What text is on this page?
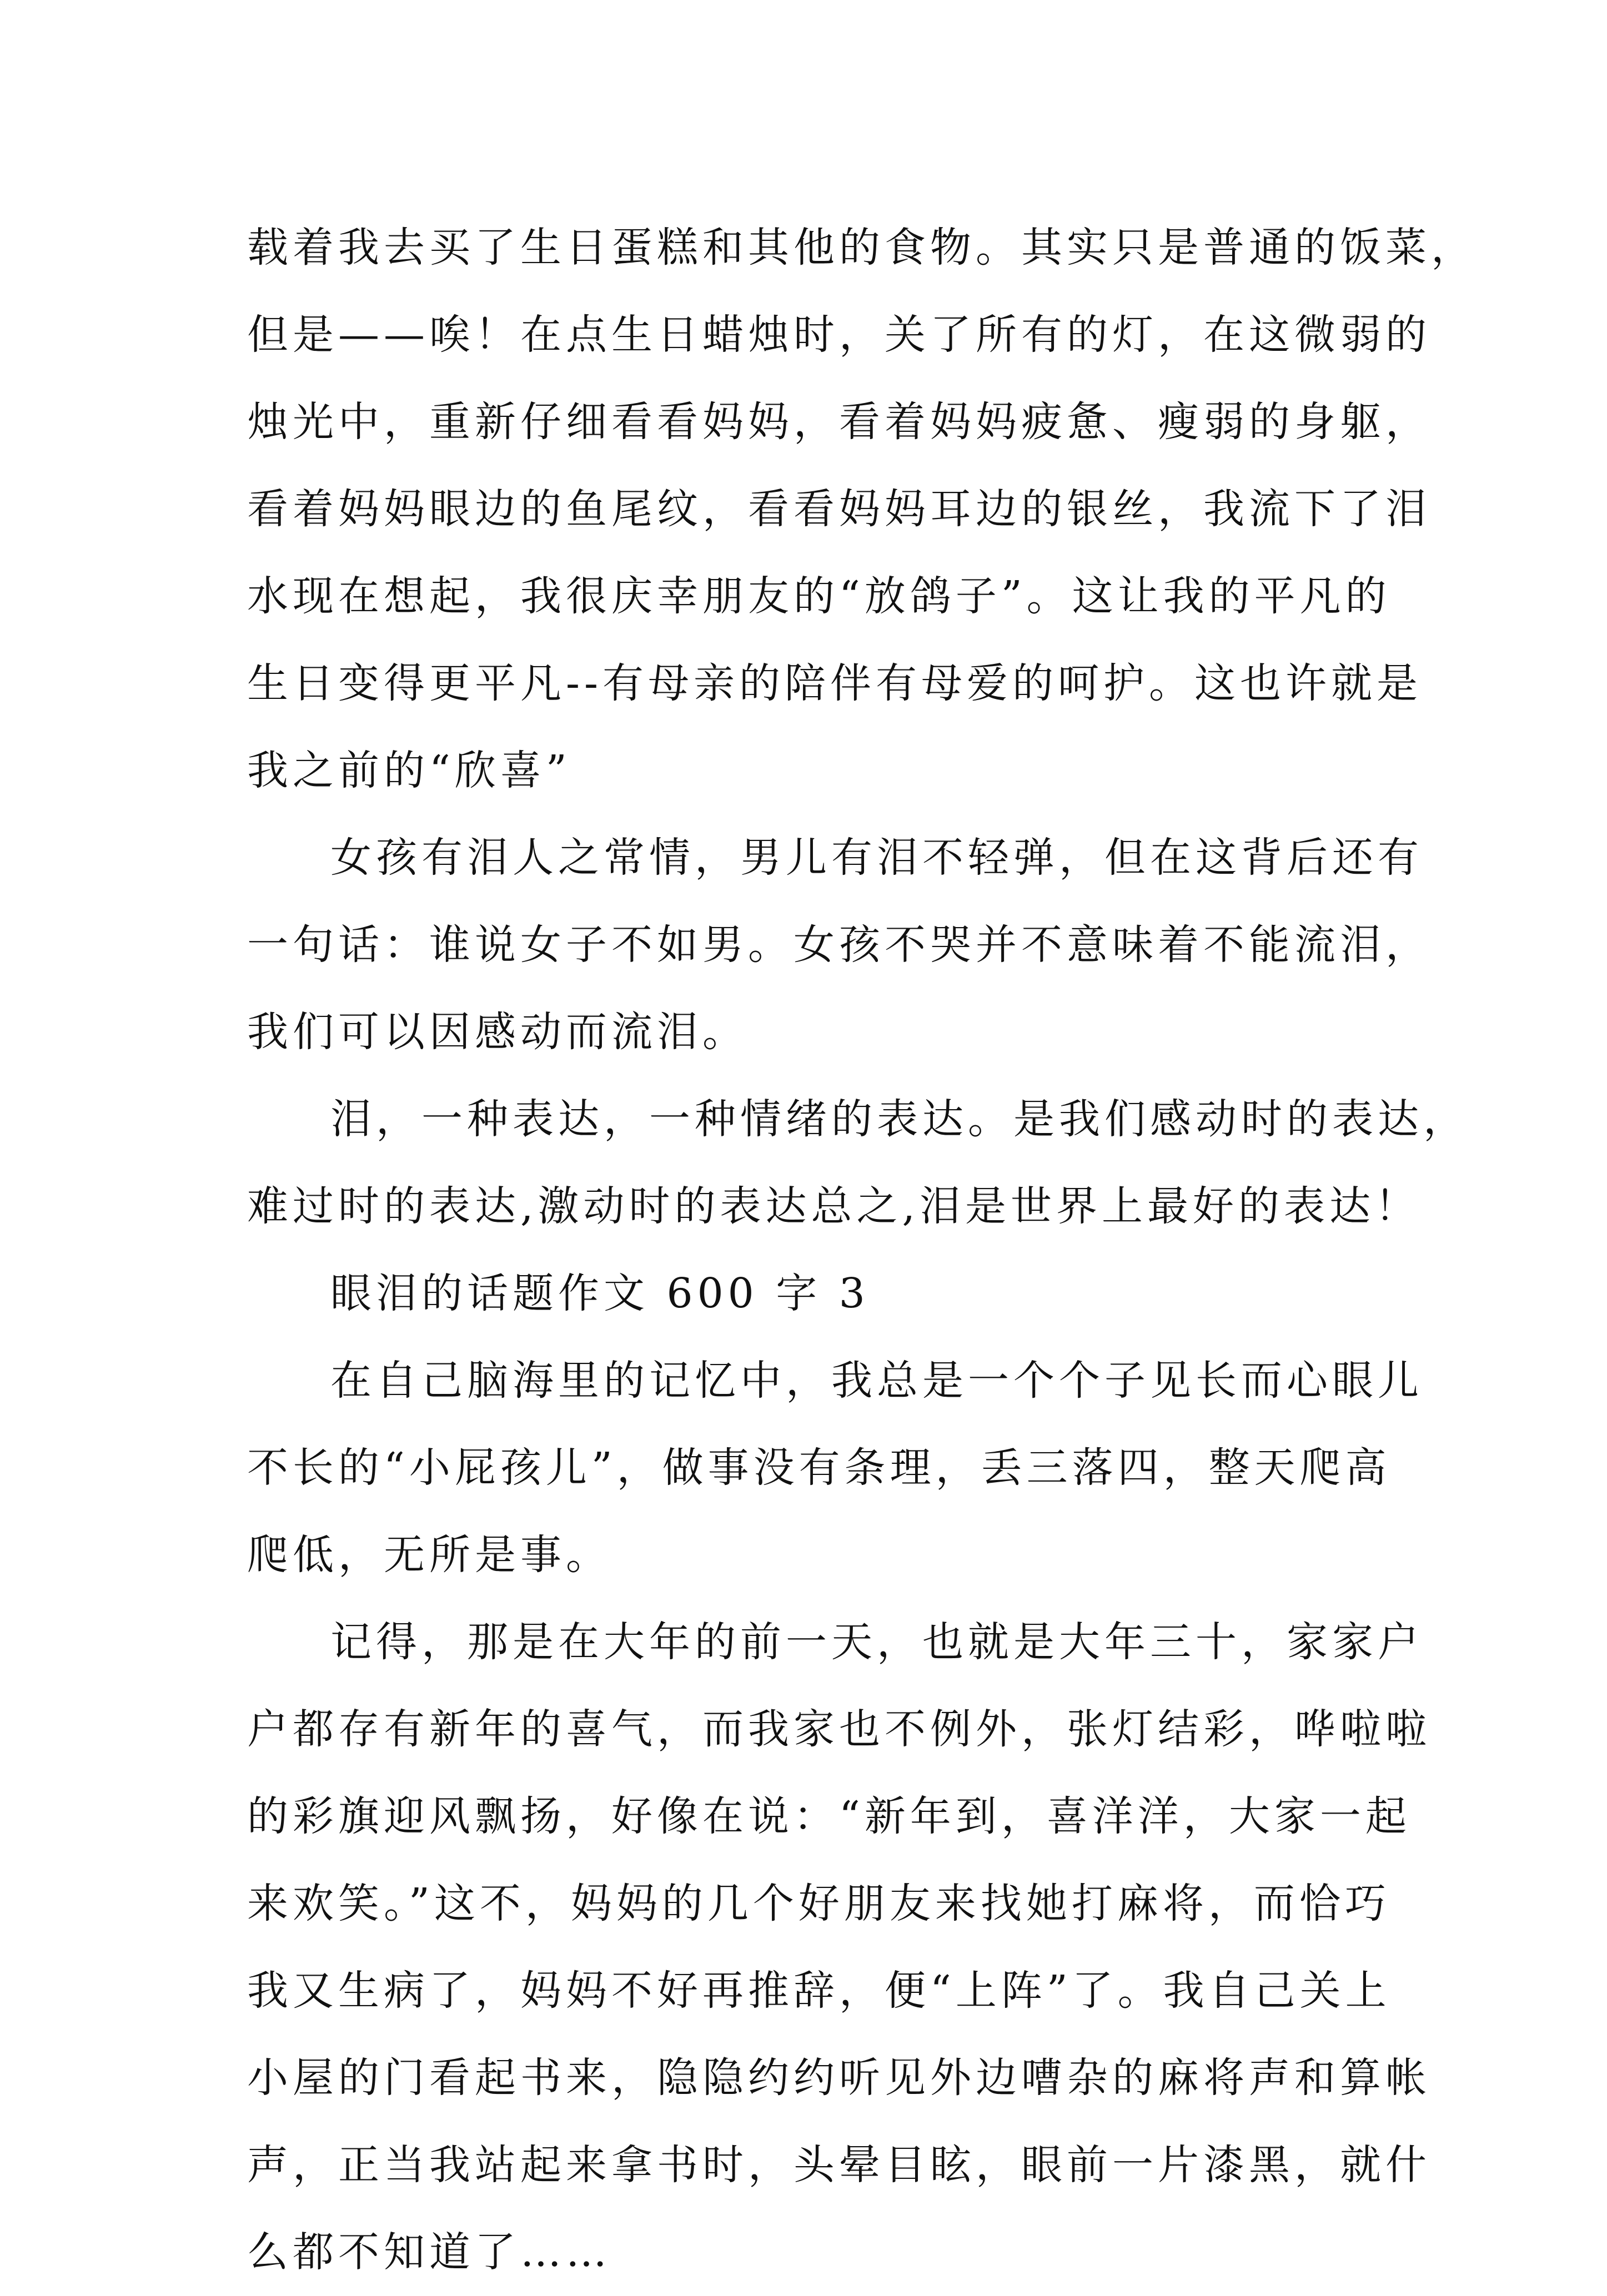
载着我去买了生日蛋糕和其他的食物。其实只是普通的饭菜，
但是——唉！在点生日蜡烛时，关了所有的灯，在这微弱的
烛光中，重新仔细看看妈妈，看着妈妈疲惫、瘦弱的身躯，
看着妈妈眼边的鱼尾纹，看看妈妈耳边的银丝，我流下了泪
水现在想起，我很庆幸朋友的“放鸽子”。这让我的平凡的
生日变得更平凡--有母亲的陪伴有母爱的呵护。这也许就是
我之前的“欣喜”
女孩有泪人之常情，男儿有泪不轻弹，但在这背后还有
一句话：谁说女子不如男。女孩不哭并不意味着不能流泪，
我们可以因感动而流泪。
泪，一种表达，一种情绪的表达。是我们感动时的表达，
难过时的表达,激动时的表达总之,泪是世界上最好的表达！
眼泪的话题作文 600 字 3
在自己脑海里的记忆中，我总是一个个子见长而心眼儿
不长的“小屁孩儿”，做事没有条理，丢三落四，整天爬高
爬低，无所是事。
记得，那是在大年的前一天，也就是大年三十，家家户
户都存有新年的喜气，而我家也不例外，张灯结彩，哗啦啦
的彩旗迎风飘扬，好像在说：“新年到，喜洋洋，大家一起
来欢笑。”这不，妈妈的几个好朋友来找她打麻将，而恰巧
我又生病了，妈妈不好再推辞，便“上阵”了。我自己关上
小屋的门看起书来，隐隐约约听见外边嘈杂的麻将声和算帐
声，正当我站起来拿书时，头晕目眩，眼前一片漆黑，就什
么都不知道了……
